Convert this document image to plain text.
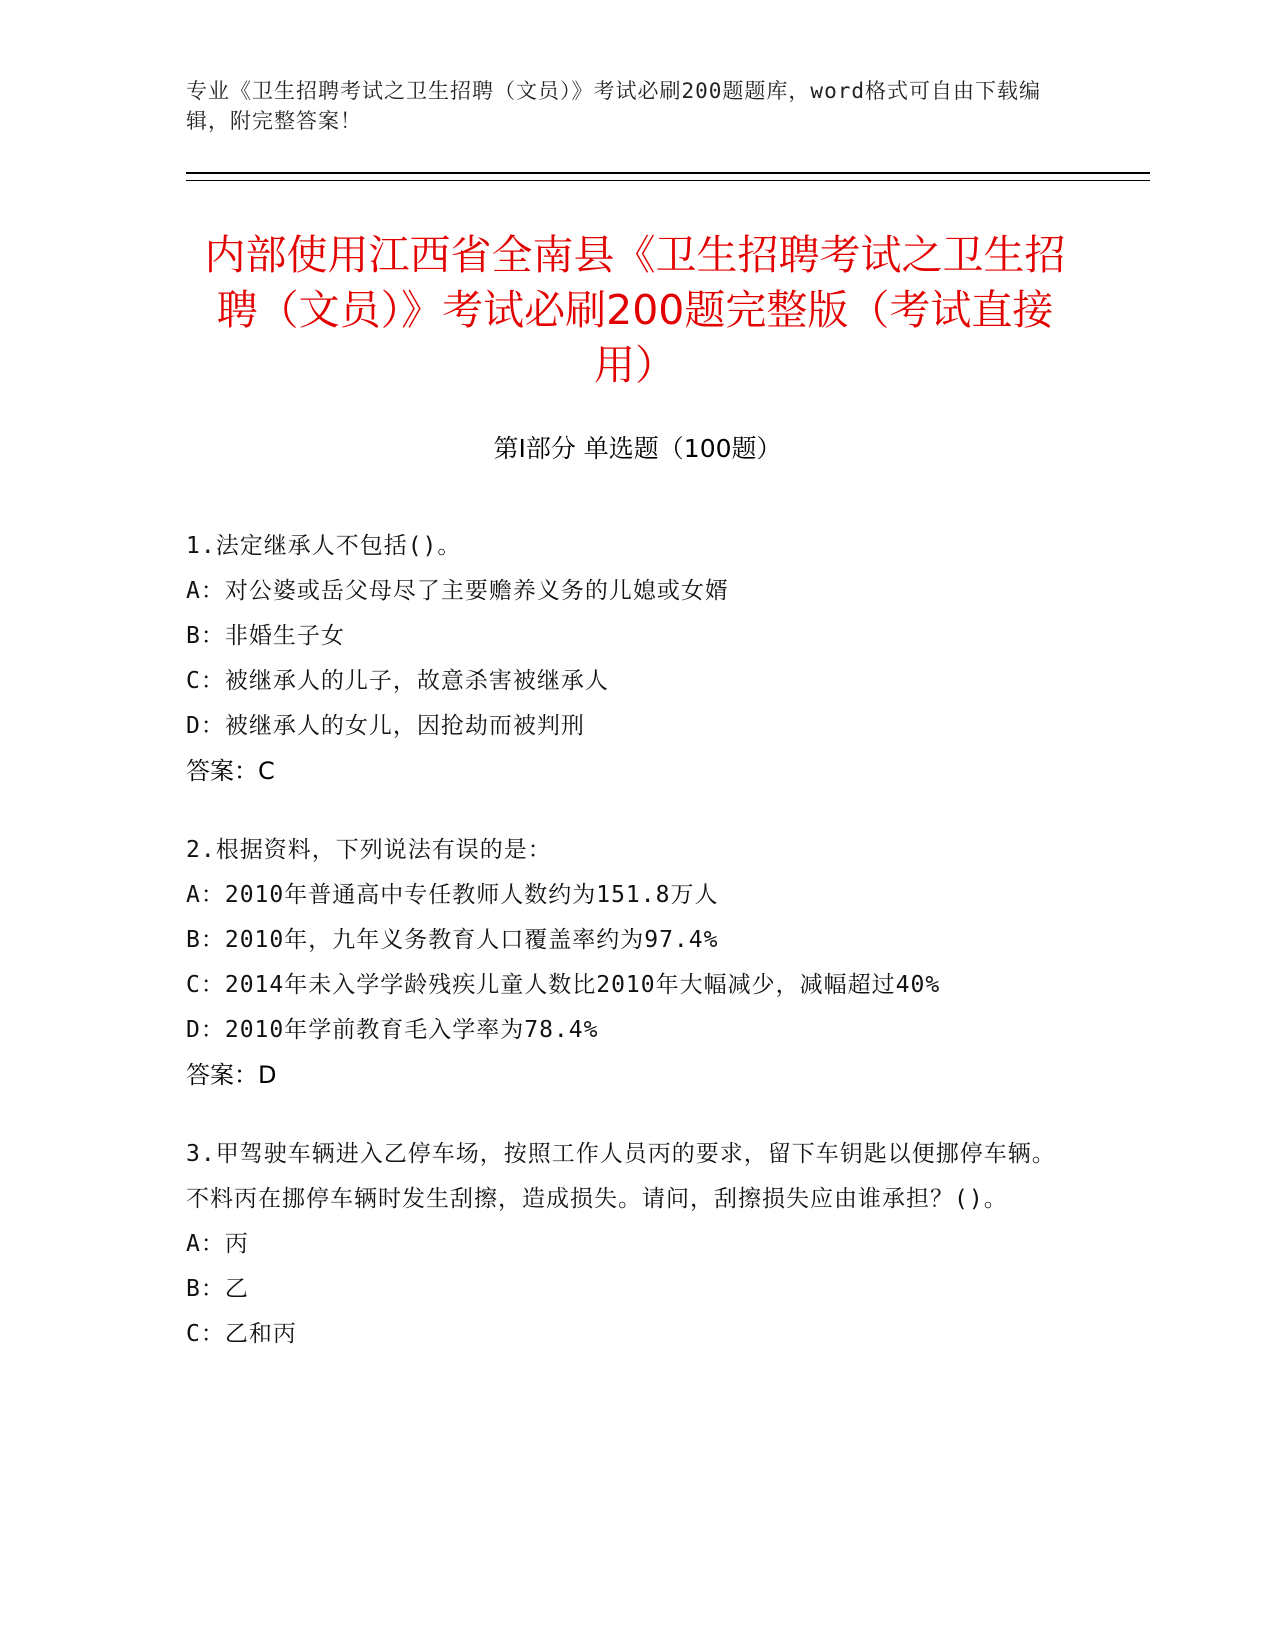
专业《卫生招聘考试之卫生招聘（文员）》考试必刷200题题库，word格式可自由下载编辑，附完整答案！
内部使用江西省全南县《卫生招聘考试之卫生招聘（文员）》考试必刷200题完整版（考试直接用）
第I部分 单选题（100题）
1.法定继承人不包括()。
A：对公婆或岳父母尽了主要赡养义务的儿媳或女婿
B：非婚生子女
C：被继承人的儿子，故意杀害被继承人
D：被继承人的女儿，因抢劫而被判刑
答案：C
2.根据资料，下列说法有误的是：
A：2010年普通高中专任教师人数约为151.8万人
B：2010年，九年义务教育人口覆盖率约为97.4%
C：2014年未入学学龄残疾儿童人数比2010年大幅减少，减幅超过40%
D：2010年学前教育毛入学率为78.4%
答案：D
3.甲驾驶车辆进入乙停车场，按照工作人员丙的要求，留下车钥匙以便挪停车辆。不料丙在挪停车辆时发生刮擦，造成损失。请问，刮擦损失应由谁承担？()。
A：丙
B：乙
C：乙和丙
